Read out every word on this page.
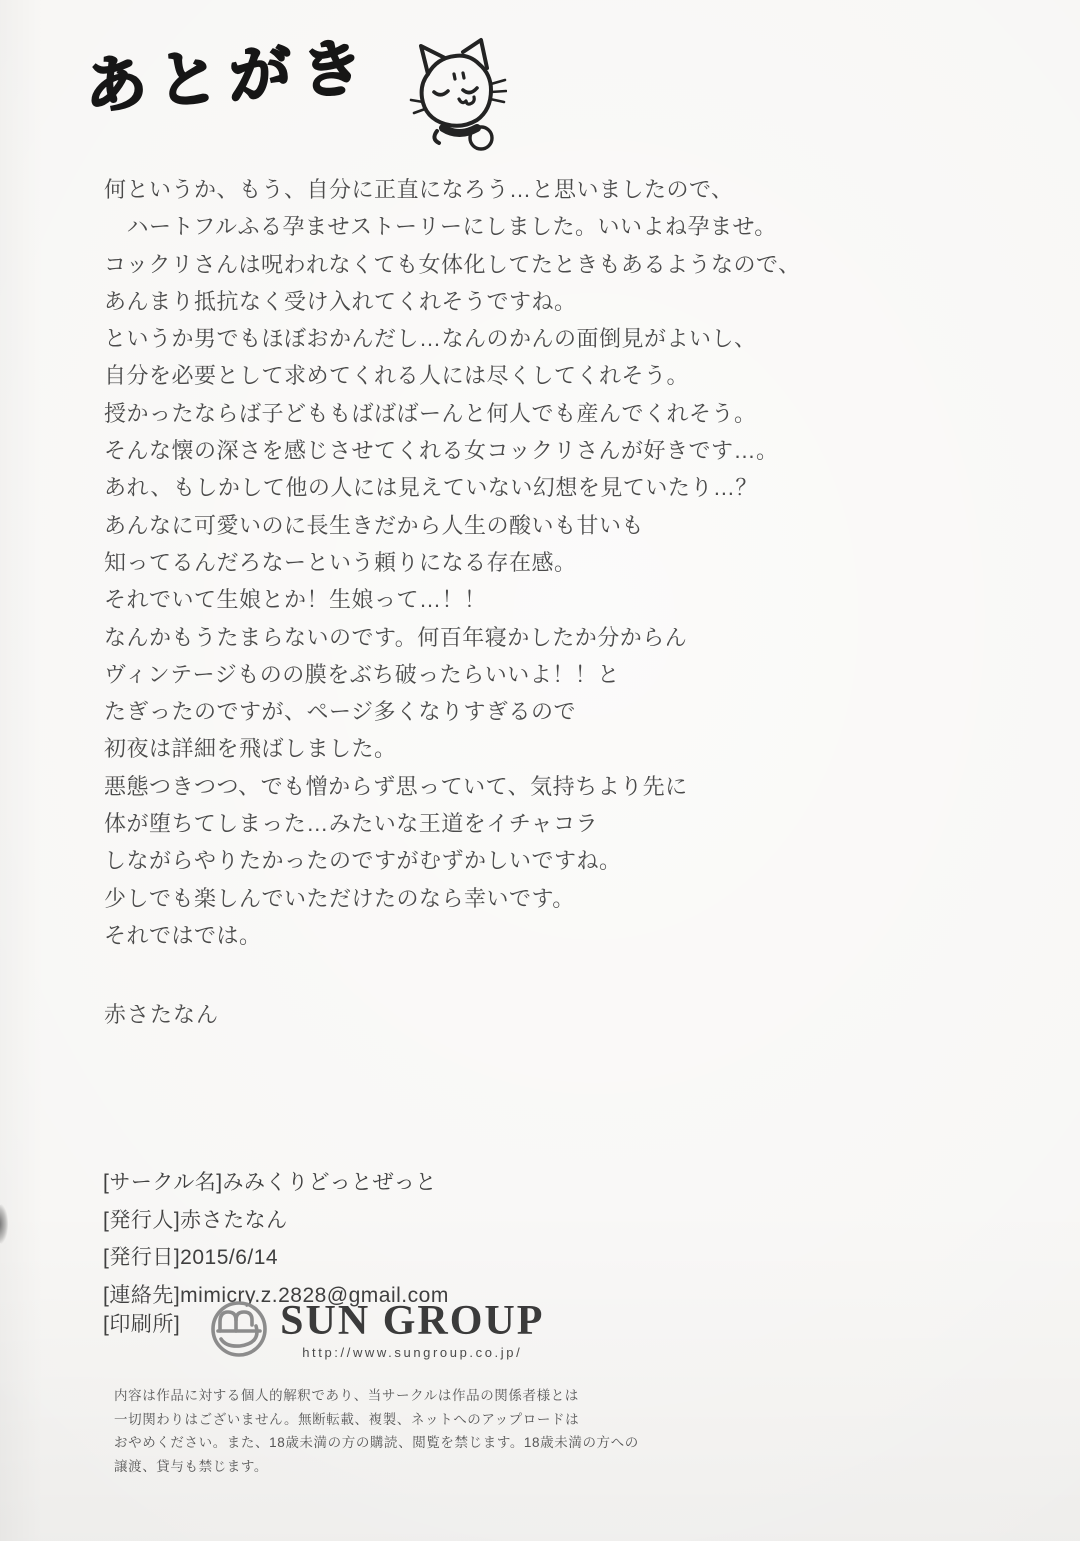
あとがき
何というか、もう、自分に正直になろう…と思いましたので、
　ハートフルふる孕ませストーリーにしました。いいよね孕ませ。
コックリさんは呪われなくても女体化してたときもあるようなので、
あんまり抵抗なく受け入れてくれそうですね。
というか男でもほぼおかんだし…なんのかんの面倒見がよいし、
自分を必要として求めてくれる人には尽くしてくれそう。
授かったならば子どももばばばーんと何人でも産んでくれそう。
そんな懐の深さを感じさせてくれる女コックリさんが好きです…。
あれ、もしかして他の人には見えていない幻想を見ていたり…？
あんなに可愛いのに長生きだから人生の酸いも甘いも
知ってるんだろなーという頼りになる存在感。
それでいて生娘とか！生娘って…！！
なんかもうたまらないのです。何百年寝かしたか分からん
ヴィンテージものの膜をぶち破ったらいいよ！！と
たぎったのですが、ページ多くなりすぎるので
初夜は詳細を飛ばしました。
悪態つきつつ、でも憎からず思っていて、気持ちより先に
体が堕ちてしまった…みたいな王道をイチャコラ
しながらやりたかったのですがむずかしいですね。
少しでも楽しんでいただけたのなら幸いです。
それではでは。
赤さたなん
[サークル名]みみくりどっとぜっと
[発行人]赤さたなん
[発行日]2015/6/14
[連絡先]mimicry.z.2828@gmail.com
[印刷所] SUN GROUP
http://www.sungroup.co.jp/
内容は作品に対する個人的解釈であり、当サークルは作品の関係者様とは
一切関わりはございません。無断転載、複製、ネットへのアップロードは
おやめください。また、18歳未満の方の購読、閲覧を禁じます。18歳未満の方への
譲渡、貸与も禁じます。
